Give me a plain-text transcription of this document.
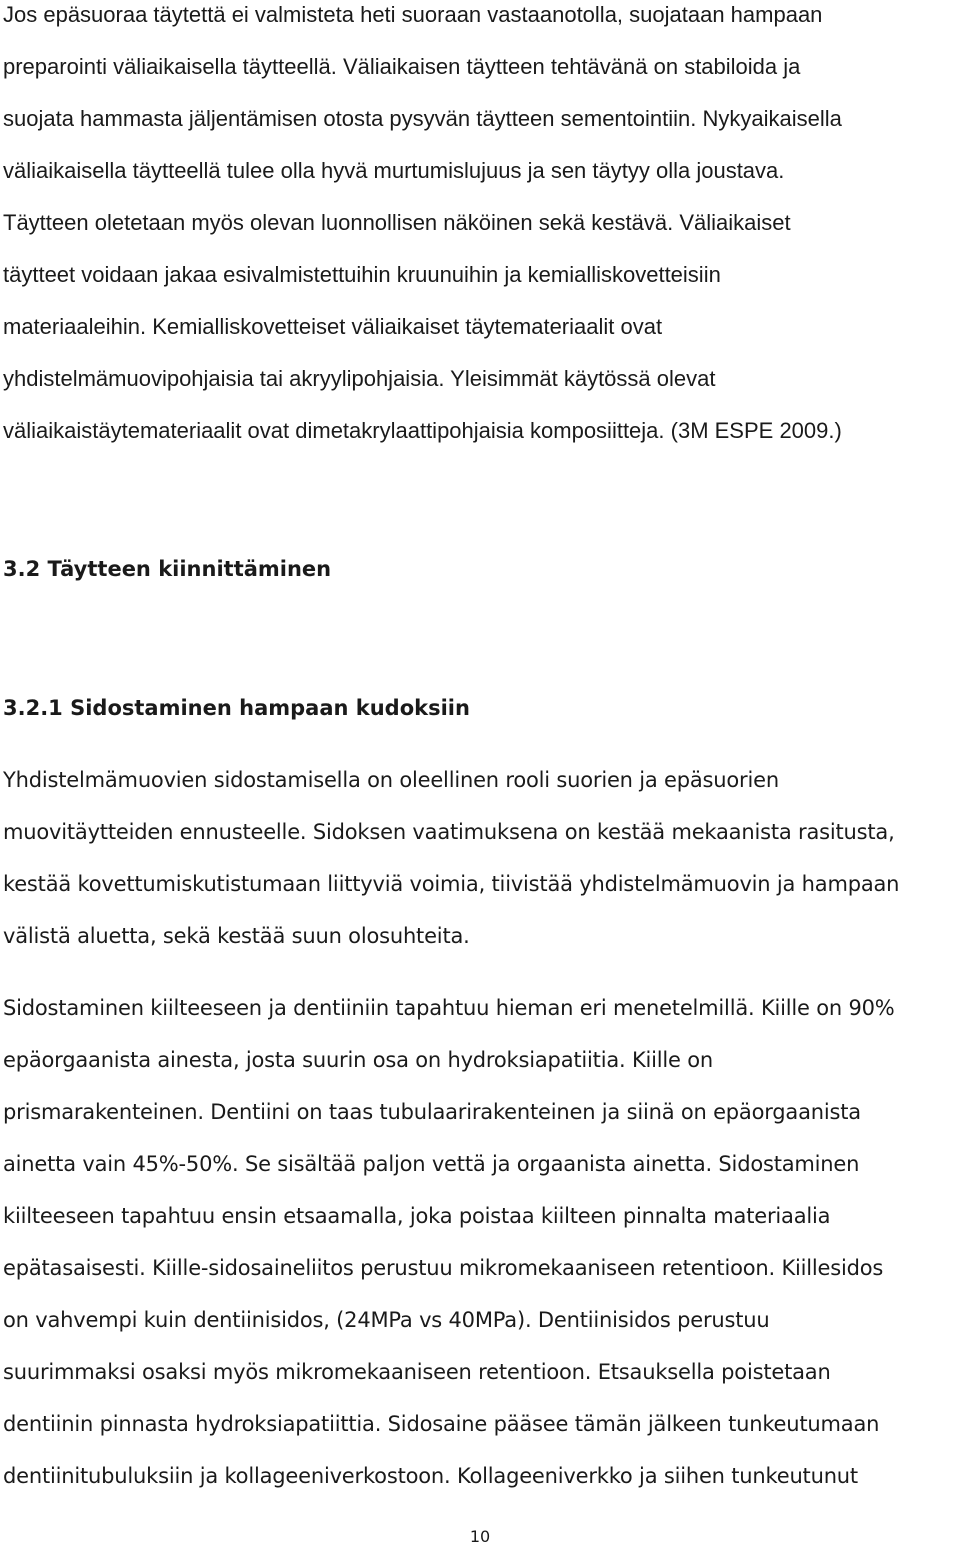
Jos epäsuoraa täytettä ei valmisteta heti suoraan vastaanotolla, suojataan hampaan
preparointi väliaikaisella täytteellä. Väliaikaisen täytteen tehtävänä on stabiloida ja
suojata hammasta jäljentämisen otosta pysyvän täytteen sementointiin. Nykyaikaisella
väliaikaisella täytteellä tulee olla hyvä murtumislujuus ja sen täytyy olla joustava.
Täytteen oletetaan myös olevan luonnollisen näköinen sekä kestävä. Väliaikaiset
täytteet voidaan jakaa esivalmistettuihin kruunuihin ja kemialliskovetteisiin
materiaaleihin. Kemialliskovetteiset väliaikaiset täytemateriaalit ovat
yhdistelmämuovipohjaisia tai akryylipohjaisia. Yleisimmät käytössä olevat
väliaikaistäytemateriaalit ovat dimetakrylaattipohjaisia komposiitteja. (3M ESPE 2009.)

3.2 Täytteen kiinnittäminen
3.2.1 Sidostaminen hampaan kudoksiin

Yhdistelmämuovien sidostamisella on oleellinen rooli suorien ja epäsuorien
muovitäytteiden ennusteelle. Sidoksen vaatimuksena on kestää mekaanista rasitusta,
kestää kovettumiskutistumaan liittyviä voimia, tiivistää yhdistelmämuovin ja hampaan
välistä aluetta, sekä kestää suun olosuhteita.

Sidostaminen kiilteeseen ja dentiiniin tapahtuu hieman eri menetelmillä. Kiille on 90%
epäorgaanista ainesta, josta suurin osa on hydroksiapatiitia. Kiille on
prismarakenteinen. Dentiini on taas tubulaarirakenteinen ja siinä on epäorgaanista
ainetta vain 45%-50%. Se sisältää paljon vettä ja orgaanista ainetta. Sidostaminen
kiilteeseen tapahtuu ensin etsaamalla, joka poistaa kiilteen pinnalta materiaalia
epätasaisesti. Kiille-sidosaineliitos perustuu mikromekaaniseen retentioon. Kiillesidos
on vahvempi kuin dentiinisidos, (24MPa vs 40MPa). Dentiinisidos perustuu
suurimmaksi osaksi myös mikromekaaniseen retentioon. Etsauksella poistetaan
dentiinin pinnasta hydroksiapatiittia. Sidosaine pääsee tämän jälkeen tunkeutumaan
dentiinitubuluksiin ja kollageeniverkostoon. Kollageeniverkko ja siihen tunkeutunut

10
